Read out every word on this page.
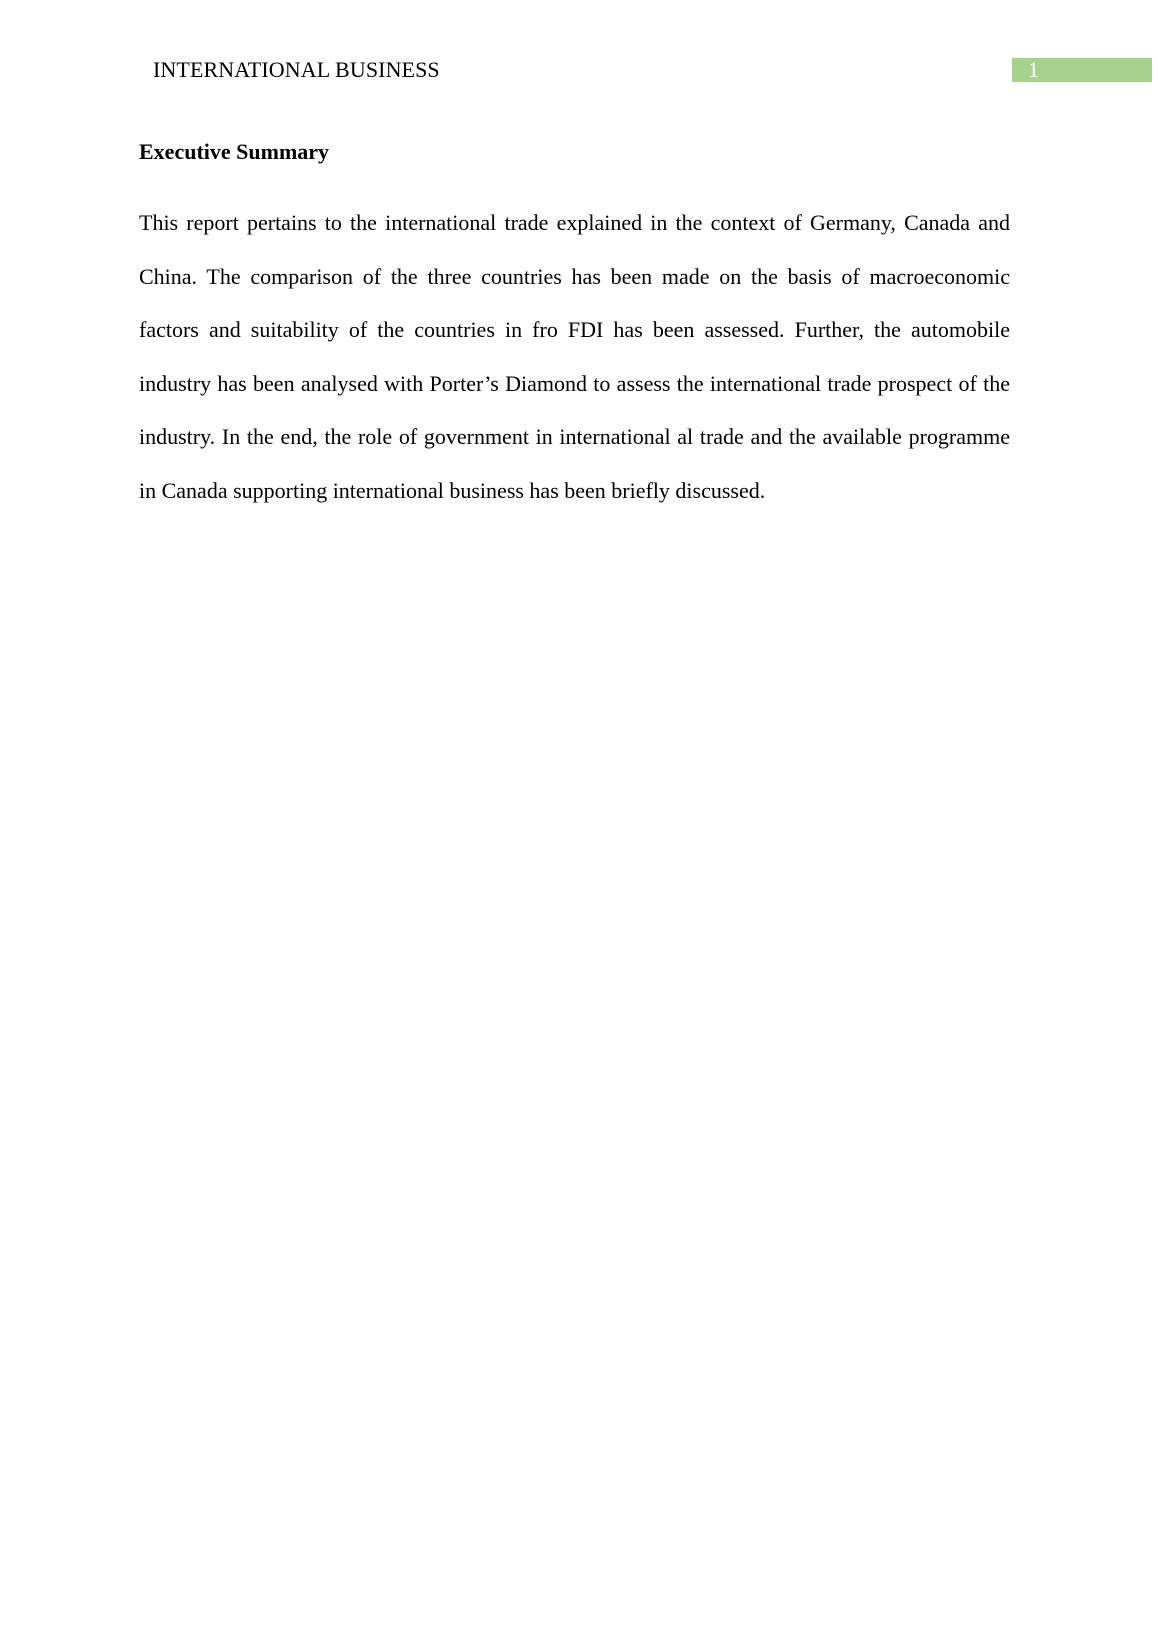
INTERNATIONAL BUSINESS	1
Executive Summary

This report pertains to the international trade explained in the context of Germany, Canada and China. The comparison of the three countries has been made on the basis of macroeconomic factors and suitability of the countries in fro FDI has been assessed. Further, the automobile industry has been analysed with Porter’s Diamond to assess the international trade prospect of the industry. In the end, the role of government in international al trade and the available programme in Canada supporting international business has been briefly discussed.
